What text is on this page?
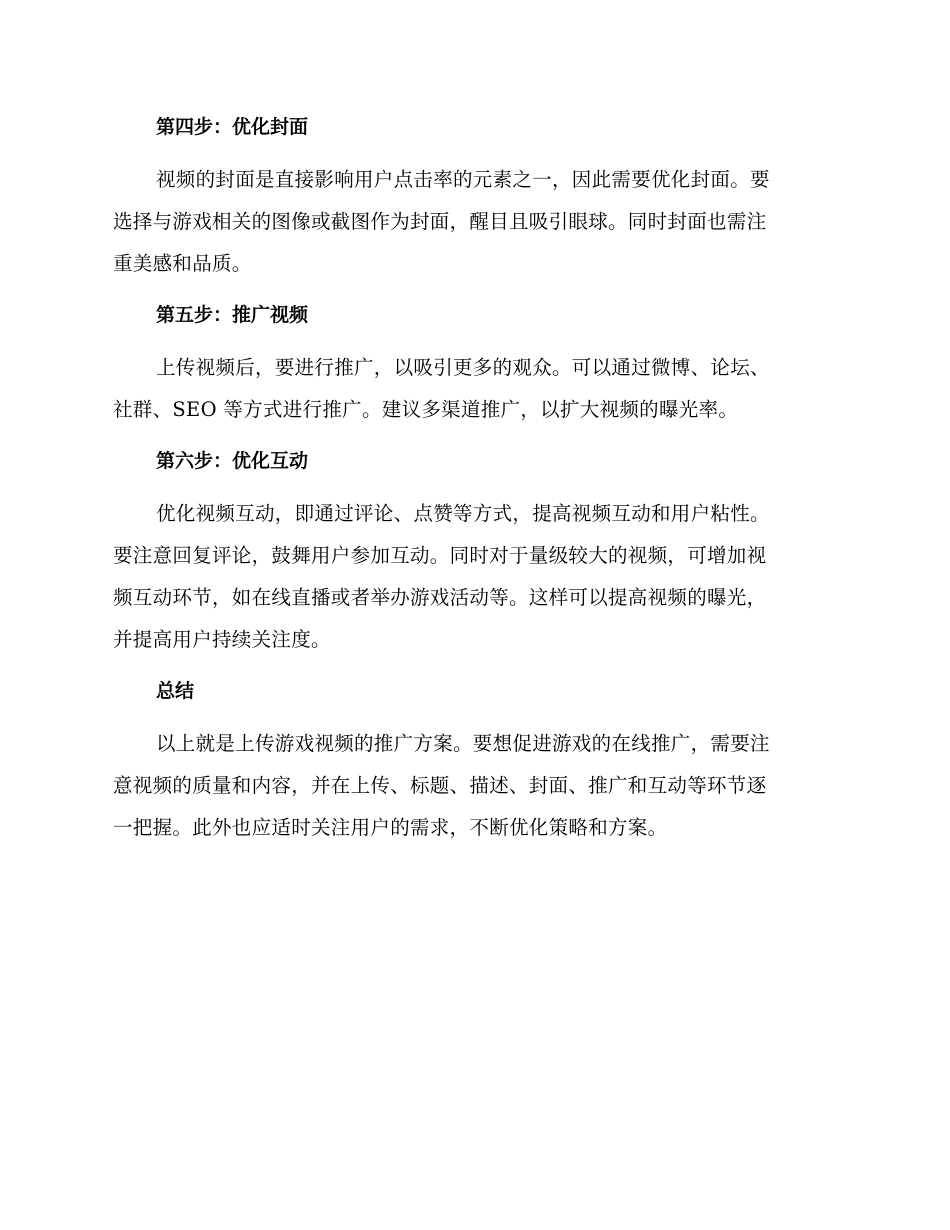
第四步：优化封面

视频的封面是直接影响用户点击率的元素之一，因此需要优化封面。要
选择与游戏相关的图像或截图作为封面，醒目且吸引眼球。同时封面也需注
重美感和品质。

第五步：推广视频

上传视频后，要进行推广，以吸引更多的观众。可以通过微博、论坛、
社群、SEO 等方式进行推广。建议多渠道推广，以扩大视频的曝光率。

第六步：优化互动

优化视频互动，即通过评论、点赞等方式，提高视频互动和用户粘性。
要注意回复评论，鼓舞用户参加互动。同时对于量级较大的视频，可增加视
频互动环节，如在线直播或者举办游戏活动等。这样可以提高视频的曝光，
并提高用户持续关注度。

总结

以上就是上传游戏视频的推广方案。要想促进游戏的在线推广，需要注
意视频的质量和内容，并在上传、标题、描述、封面、推广和互动等环节逐
一把握。此外也应适时关注用户的需求，不断优化策略和方案。
